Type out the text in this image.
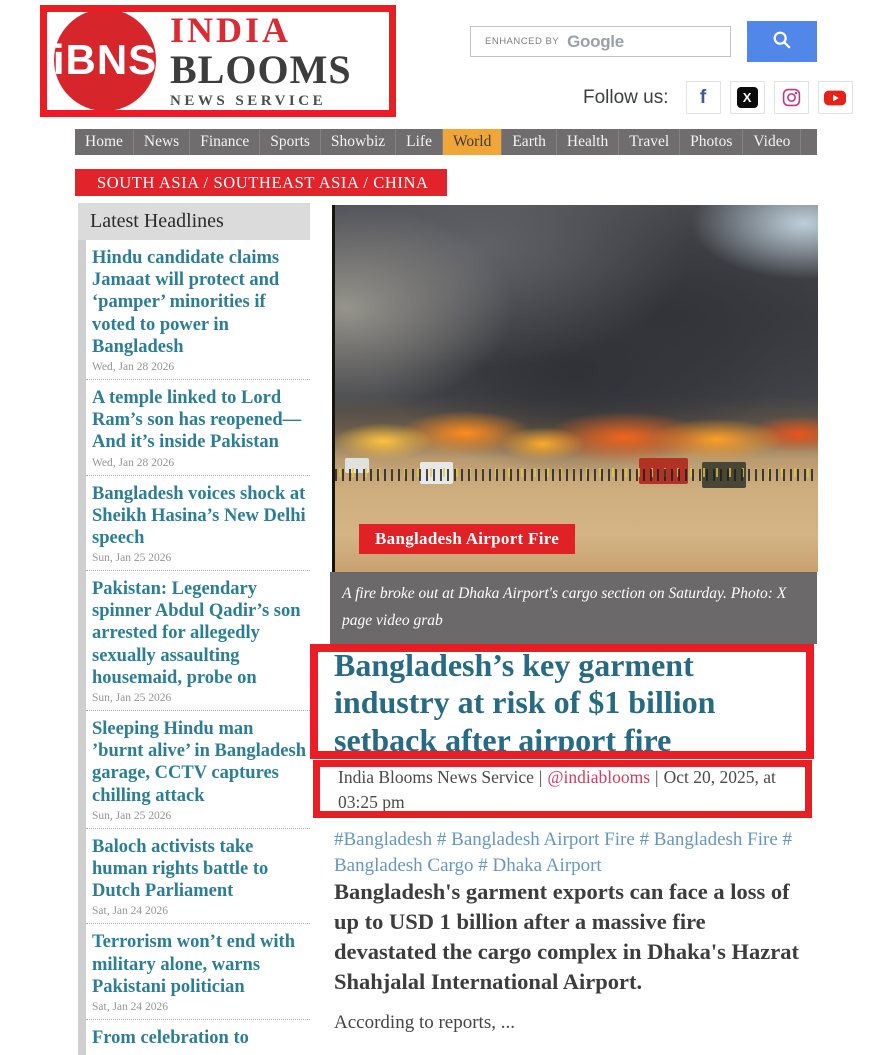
iBNS
INDIA
BLOOMS
NEWS SERVICE
ENHANCED BY Google
Follow us: f	X
Home	News	Finance	Sports	Showbiz	Life	World	Earth	Health	Travel	Photos	Video
SOUTH ASIA / SOUTHEAST ASIA / CHINA
Latest Headlines
Hindu candidate claims Jamaat will protect and ‘pamper’ minorities if voted to power in Bangladesh
Wed, Jan 28 2026
A temple linked to Lord Ram’s son has reopened—And it’s inside Pakistan
Wed, Jan 28 2026
Bangladesh voices shock at Sheikh Hasina’s New Delhi speech
Sun, Jan 25 2026
Pakistan: Legendary spinner Abdul Qadir’s son arrested for allegedly sexually assaulting housemaid, probe on
Sun, Jan 25 2026
Sleeping Hindu man ’burnt alive’ in Bangladesh garage, CCTV captures chilling attack
Sun, Jan 25 2026
Baloch activists take human rights battle to Dutch Parliament
Sat, Jan 24 2026
Terrorism won’t end with military alone, warns Pakistani politician
Sat, Jan 24 2026
From celebration to
Bangladesh Airport Fire
A fire broke out at Dhaka Airport's cargo section on Saturday. Photo: X page video grab
Bangladesh’s key garment industry at risk of $1 billion setback after airport fire
India Blooms News Service | @indiablooms | Oct 20, 2025, at 03:25 pm
#Bangladesh # Bangladesh Airport Fire # Bangladesh Fire # Bangladesh Cargo # Dhaka Airport

Bangladesh's garment exports can face a loss of up to USD 1 billion after a massive fire devastated the cargo complex in Dhaka's Hazrat Shahjalal International Airport.

According to reports, ...
